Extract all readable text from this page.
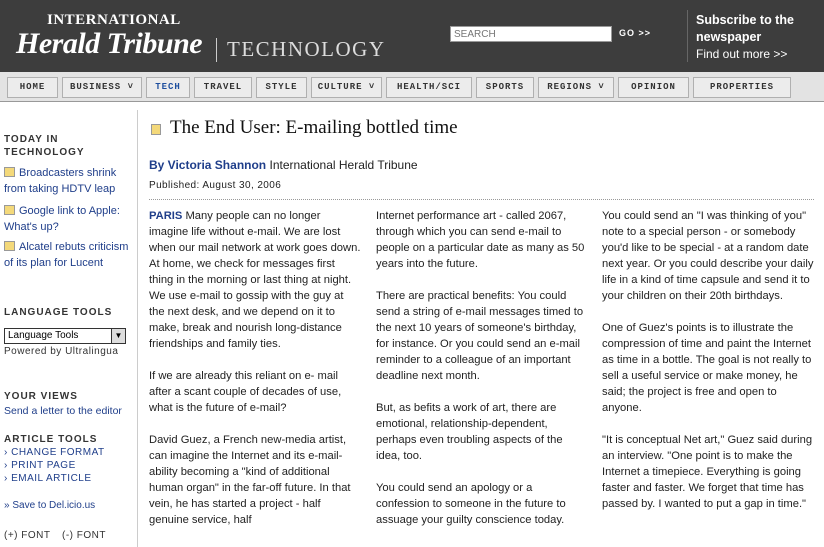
INTERNATIONAL
Herald Tribune TECHNOLOGY
SEARCH
GO >>
Subscribe to the newspaper
Find out more >>
HOME	BUSINESS ˅	TECH	TRAVEL	STYLE	CULTURE ˅	HEALTH/SCI	SPORTS	REGIONS ˅	OPINION	PROPERTIES
TODAY IN TECHNOLOGY
Broadcasters shrink from taking HDTV leap
Google link to Apple: What's up?
Alcatel rebuts criticism of its plan for Lucent
LANGUAGE TOOLS
Language Tools	▼
Powered by Ultralingua
YOUR VIEWS
Send a letter to the editor
ARTICLE TOOLS
› CHANGE FORMAT
› PRINT PAGE
› EMAIL ARTICLE
» Save to Del.icio.us
(+) FONT (-) FONT
The End User: E-mailing bottled time
By Victoria Shannon International Herald Tribune
Published: August 30, 2006

PARIS Many people can no longer imagine life without e-mail. We are lost when our mail network at work goes down. At home, we check for messages first thing in the morning or last thing at night. We use e-mail to gossip with the guy at the next desk, and we depend on it to make, break and nourish long-distance friendships and family ties.

If we are already this reliant on e- mail after a scant couple of decades of use, what is the future of e-mail?

David Guez, a French new-media artist, can imagine the Internet and its e-mail-ability becoming a "kind of additional human organ" in the far-off future. In that vein, he has started a project - half genuine service, half

Internet performance art - called 2067, through which you can send e-mail to people on a particular date as many as 50 years into the future.

There are practical benefits: You could send a string of e-mail messages timed to the next 10 years of someone's birthday, for instance. Or you could send an e-mail reminder to a colleague of an important deadline next month.

But, as befits a work of art, there are emotional, relationship-dependent, perhaps even troubling aspects of the idea, too.

You could send an apology or a confession to someone in the future to assuage your guilty conscience today.

You could send an "I was thinking of you" note to a special person - or somebody you'd like to be special - at a random date next year. Or you could describe your daily life in a kind of time capsule and send it to your children on their 20th birthdays.

One of Guez's points is to illustrate the compression of time and paint the Internet as time in a bottle. The goal is not really to sell a useful service or make money, he said; the project is free and open to anyone.

"It is conceptual Net art," Guez said during an interview. "One point is to make the Internet a timepiece. Everything is going faster and faster. We forget that time has passed by. I wanted to put a gap in time."
